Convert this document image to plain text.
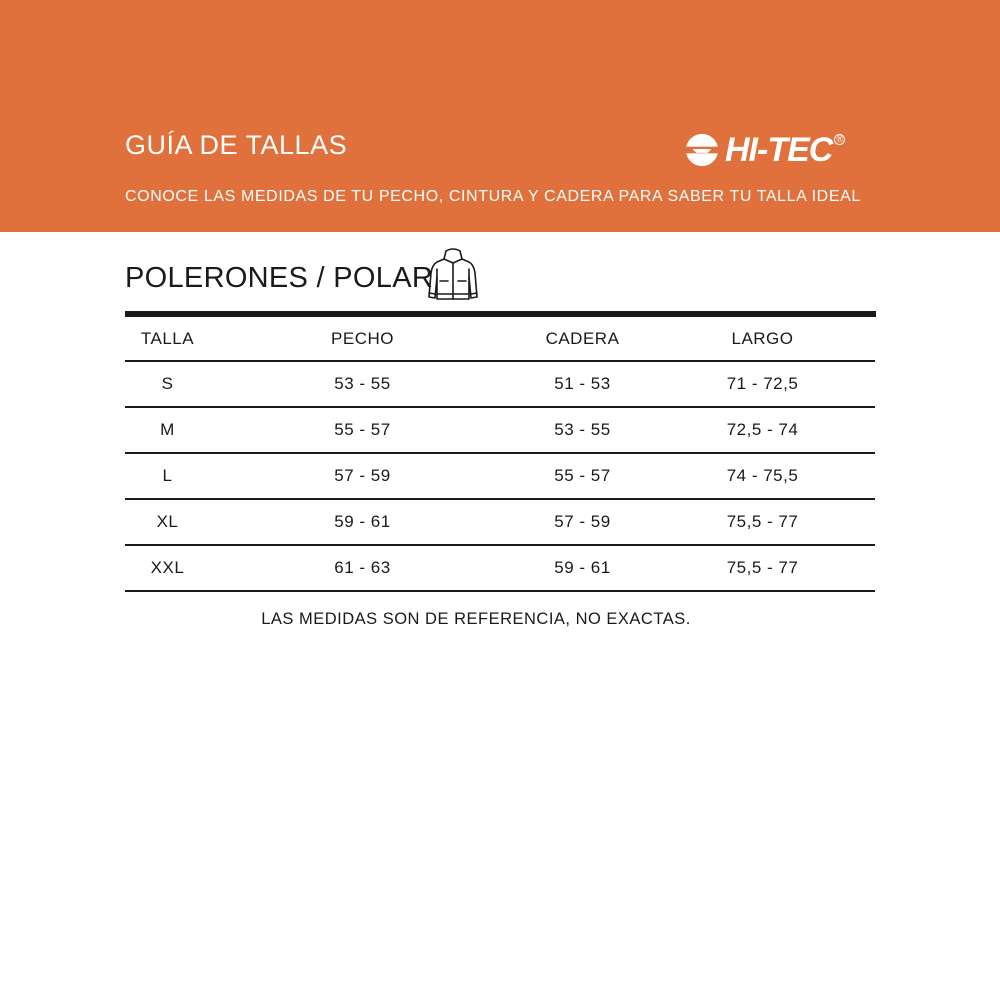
GUÍA DE TALLAS
CONOCE LAS MEDIDAS DE TU PECHO, CINTURA Y CADERA PARA SABER TU TALLA IDEAL
HI-TEC ®
POLERONES / POLAR
TALLA	PECHO	CADERA	LARGO
S	53 - 55	51 - 53	71 - 72,5
M	55 - 57	53 - 55	72,5 - 74
L	57 - 59	55 - 57	74 - 75,5
XL	59 - 61	57 - 59	75,5 - 77
XXL	61 - 63	59 - 61	75,5 - 77
LAS MEDIDAS SON DE REFERENCIA, NO EXACTAS.
